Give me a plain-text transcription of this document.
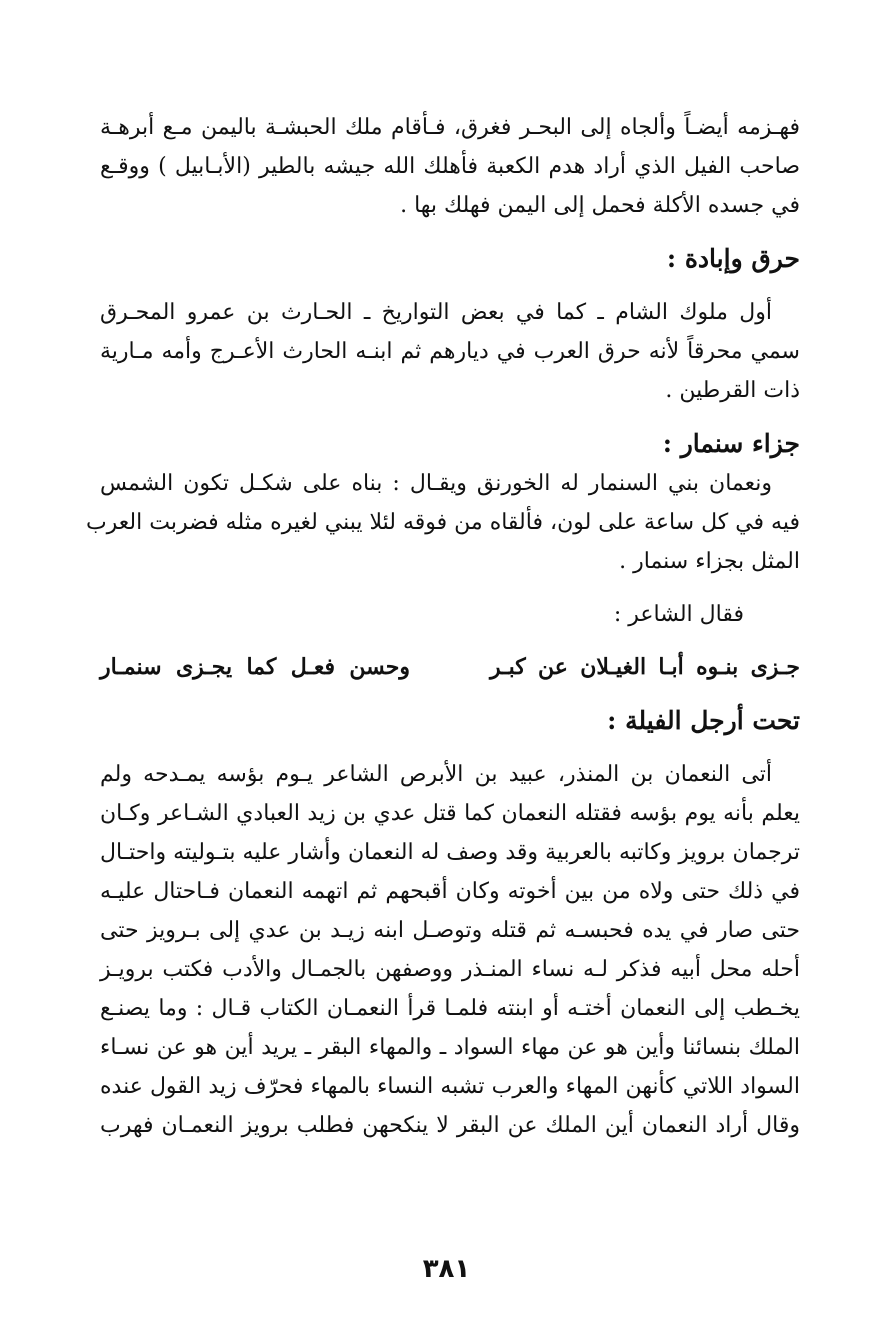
فهـزمه أيضـاً وألجاه إلى البحـر فغرق، فـأقام ملك الحبشـة باليمن مـع أبرهـة
صاحب الفيل الذي أراد هدم الكعبة فأهلك الله جيشه بالطير (الأبـابيل ) ووقـع
في جسده الأكلة فحمل إلى اليمن فهلك بها .

حرق وإبادة :

أول ملوك الشام ـ كما في بعض التواريخ ـ الحـارث بن عمرو المحـرق
سمي محرقاً لأنه حرق العرب في ديارهم ثم ابنـه الحارث الأعـرج وأمه مـارية
ذات القرطين .

جزاء سنمار :

ونعمان بني السنمار له الخورنق ويقـال : بناه على شكـل تكون الشمس
فيه في كل ساعة على لون، فألقاه من فوقه لئلا يبني لغيره مثله فضربت العرب
المثل بجزاء سنمار .

فقال الشاعر :

جـزى بنـوه أبـا الغيـلان عن كبـر
وحسن فعـل كما يجـزى سنمـار
تحت أرجل الفيلة :

أتى النعمان بن المنذر، عبيد بن الأبرص الشاعر يـوم بؤسه يمـدحه ولم
يعلم بأنه يوم بؤسه فقتله النعمان كما قتل عدي بن زيد العبادي الشـاعر وكـان
ترجمان برويز وكاتبه بالعربية وقد وصف له النعمان وأشار عليه بتـوليته واحتـال
في ذلك حتى ولاه من بين أخوته وكان أقبحهم ثم اتهمه النعمان فـاحتال عليـه
حتى صار في يده فحبسـه ثم قتله وتوصـل ابنه زيـد بن عدي إلى بـرويز حتى
أحله محل أبيه فذكر لـه نساء المنـذر ووصفهن بالجمـال والأدب فكتب برويـز
يخـطب إلى النعمان أختـه أو ابنته فلمـا قرأ النعمـان الكتاب قـال : وما يصنـع
الملك بنسائنا وأين هو عن مهاء السواد ـ والمهاء البقر ـ يريد أين هو عن نسـاء
السواد اللاتي كأنهن المهاء والعرب تشبه النساء بالمهاء فحرّف زيد القول عنده
وقال أراد النعمان أين الملك عن البقر لا ينكحهن فطلب برويز النعمـان فهرب

٣٨١
